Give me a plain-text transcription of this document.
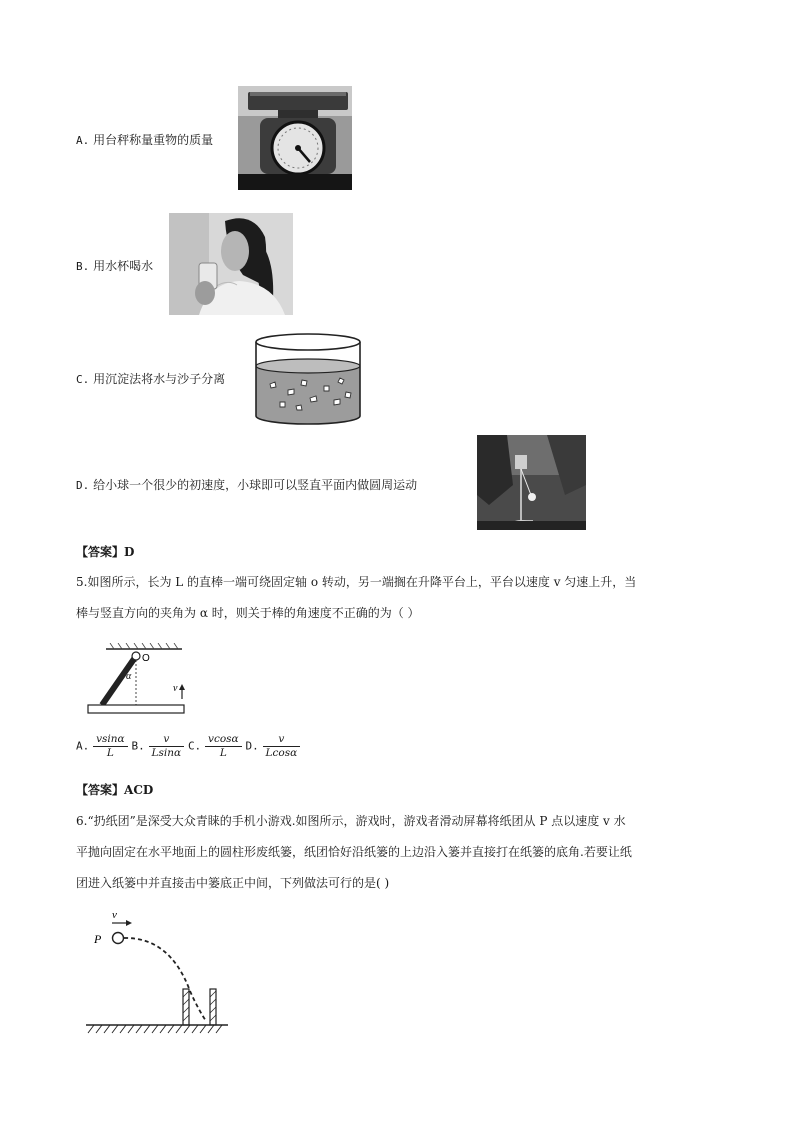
A. 用台秤称量重物的质量
B. 用水杯喝水
C. 用沉淀法将水与沙子分离
D. 给小球一个很少的初速度，小球即可以竖直平面内做圆周运动
【答案】D
5.如图所示，长为 L 的直棒一端可绕固定轴 o 转动，另一端搁在升降平台上，平台以速度 v 匀速上升，当
棒与竖直方向的夹角为 α 时，则关于棒的角速度不正确的为（ ）
O
α
v
A. $\frac{vsin\alpha}{L} B$. $\frac{v}{Lsin\alpha} C$. $\frac{vcos\alpha}{L} D$. $\frac{v}{Lcos\alpha}$
【答案】ACD
6.“扔纸团”是深受大众青睐的手机小游戏.如图所示，游戏时，游戏者滑动屏幕将纸团从 P 点以速度 v 水
平抛向固定在水平地面上的圆柱形废纸篓，纸团恰好沿纸篓的上边沿入篓并直接打在纸篓的底角.若要让纸
团进入纸篓中并直接击中篓底正中间，下列做法可行的是( )
v
P
